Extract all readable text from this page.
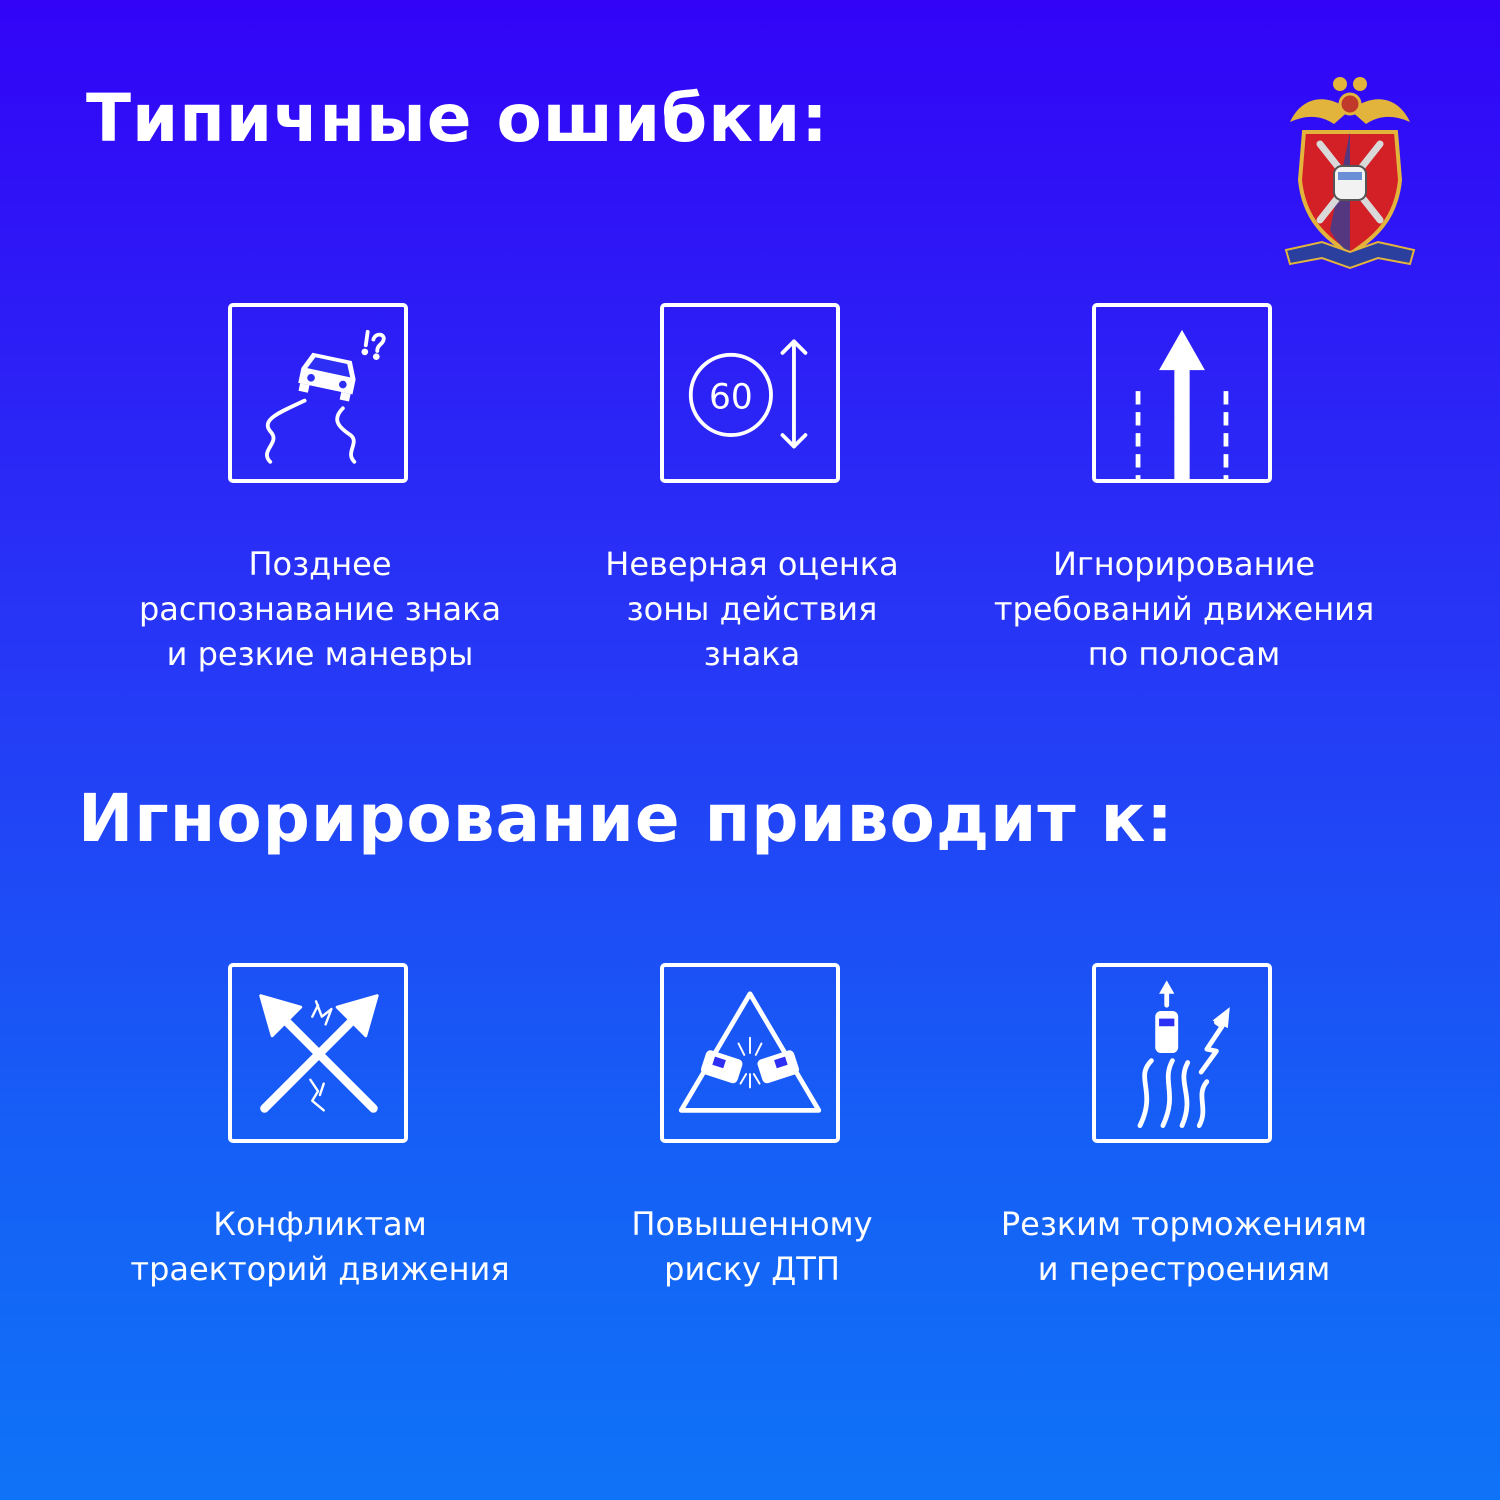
Типичные ошибки:
Игнорирование приводит к:
60
Позднее
распознавание знака
и резкие маневры
Неверная оценка
зоны действия
знака
Игнорирование
требований движения
по полосам
Конфликтам
траекторий движения
Повышенному
риску ДТП
Резким торможениям
и перестроениям
